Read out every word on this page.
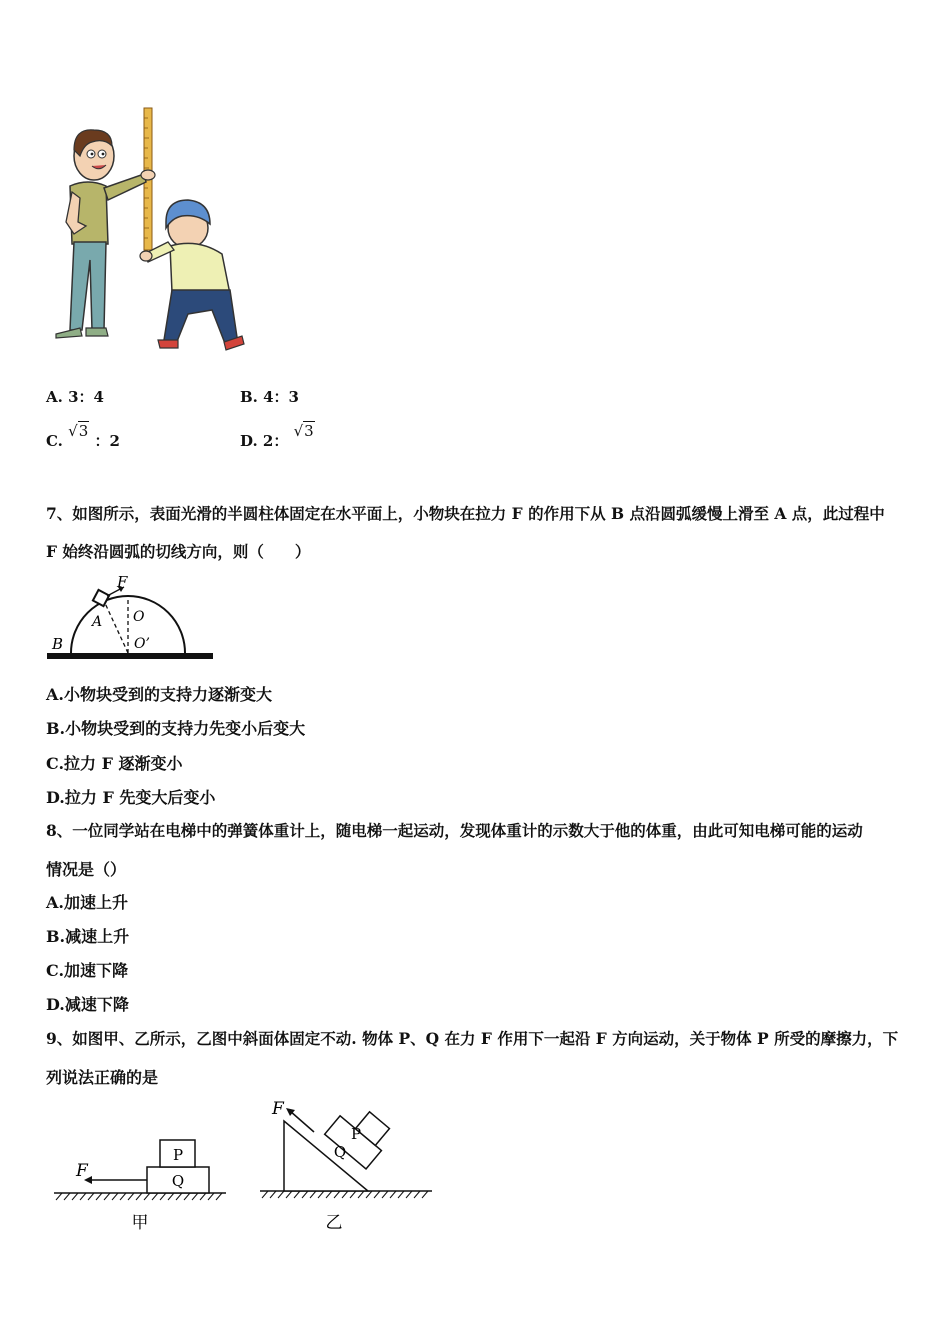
A. 3：4	B. 4：3
C. √3 ：2	D. 2： √3
7、如图所示，表面光滑的半圆柱体固定在水平面上，小物块在拉力 F 的作用下从 B 点沿圆弧缓慢上滑至 A 点，此过程中
F 始终沿圆弧的切线方向，则（　　）
F
A O
O’
B
A.小物块受到的支持力逐渐变大
B.小物块受到的支持力先变小后变大
C.拉力 F 逐渐变小
D.拉力 F 先变大后变小
8、一位同学站在电梯中的弹簧体重计上，随电梯一起运动，发现体重计的示数大于他的体重，由此可知电梯可能的运动
情况是（）
A.加速上升
B.减速上升
C.加速下降
D.减速下降
9、如图甲、乙所示，乙图中斜面体固定不动. 物体 P、Q 在力 F 作用下一起沿 F 方向运动，关于物体 P 所受的摩擦力，下
列说法正确的是
Q
P
F
甲
Q
P
F
乙
